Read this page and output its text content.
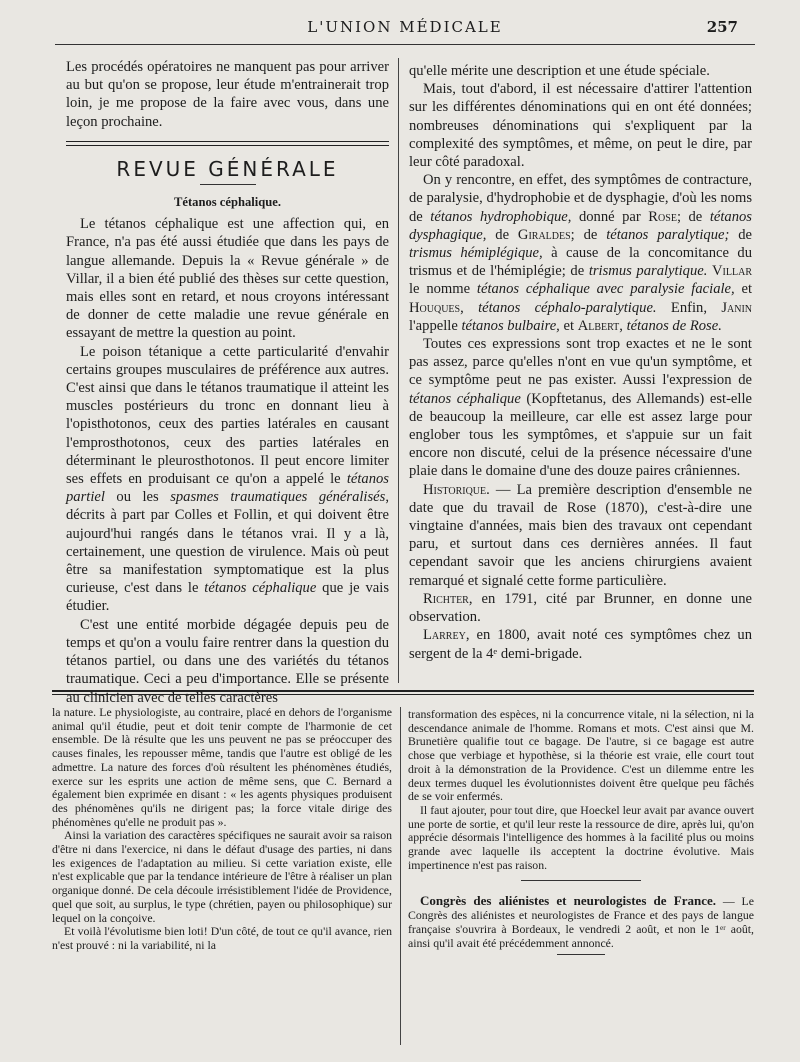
L'UNION MÉDICALE	257

Les procédés opératoires ne manquent pas pour arriver au but qu'on se propose, leur étude m'entrainerait trop loin, je me propose de la faire avec vous, dans une leçon prochaine.

REVUE GÉNÉRALE
Tétanos céphalique.

Le tétanos céphalique est une affection qui, en France, n'a pas été aussi étudiée que dans les pays de langue allemande. Depuis la « Revue générale » de Villar, il a bien été publié des thèses sur cette question, mais elles sont en retard, et nous croyons intéressant de donner de cette maladie une revue générale en essayant de mettre la question au point.

Le poison tétanique a cette particularité d'envahir certains groupes musculaires de préférence aux autres. C'est ainsi que dans le tétanos traumatique il atteint les muscles postérieurs du tronc en donnant lieu à l'opisthotonos, ceux des parties latérales en causant l'emprosthotonos, ceux des parties latérales en déterminant le pleurosthotonos. Il peut encore limiter ses effets en produisant ce qu'on a appelé le tétanos partiel ou les spasmes traumatiques généralisés, décrits à part par Colles et Follin, et qui doivent être aujourd'hui rangés dans le tétanos vrai. Il y a là, certainement, une question de virulence. Mais où peut être sa manifestation symptomatique est la plus curieuse, c'est dans le tétanos céphalique que je vais étudier.

C'est une entité morbide dégagée depuis peu de temps et qu'on a voulu faire rentrer dans la question du tétanos partiel, ou dans une des variétés du tétanos traumatique. Ceci a peu d'importance. Elle se présente au clinicien avec de telles caractères

qu'elle mérite une description et une étude spéciale.

Mais, tout d'abord, il est nécessaire d'attirer l'attention sur les différentes dénominations qui en ont été données; nombreuses dénominations qui s'expliquent par la complexité des symptômes, et même, on peut le dire, par leur côté paradoxal.

On y rencontre, en effet, des symptômes de contracture, de paralysie, d'hydrophobie et de dysphagie, d'où les noms de tétanos hydrophobique, donné par Rose; de tétanos dysphagique, de Giraldes; de tétanos paralytique; de trismus hémiplégique, à cause de la concomitance du trismus et de l'hémiplégie; de trismus paralytique. Villar le nomme tétanos céphalique avec paralysie faciale, et Houques, tétanos céphalo-paralytique. Enfin, Janin l'appelle tétanos bulbaire, et Albert, tétanos de Rose.

Toutes ces expressions sont trop exactes et ne le sont pas assez, parce qu'elles n'ont en vue qu'un symptôme, et ce symptôme peut ne pas exister. Aussi l'expression de tétanos céphalique (Kopftetanus, des Allemands) est-elle de beaucoup la meilleure, car elle est assez large pour englober tous les symptômes, et s'appuie sur un fait encore non discuté, celui de la présence nécessaire d'une plaie dans le domaine d'une des douze paires crâniennes.

Historique. — La première description d'ensemble ne date que du travail de Rose (1870), c'est-à-dire une vingtaine d'années, mais bien des travaux ont cependant paru, et surtout dans ces dernières années. Il faut cependant savoir que les anciens chirurgiens avaient remarqué et signalé cette forme particulière.

Richter, en 1791, cité par Brunner, en donne une observation.

Larrey, en 1800, avait noté ces symptômes chez un sergent de la 4ᵉ demi-brigade.

la nature. Le physiologiste, au contraire, placé en dehors de l'organisme animal qu'il étudie, peut et doit tenir compte de l'harmonie de cet ensemble. De là résulte que les uns peuvent ne pas se préoccuper des causes finales, les repousser même, tandis que l'autre est obligé de les admettre. La nature des forces d'où résultent les phénomènes étudiés, exerce sur les esprits une action de même sens, que C. Bernard a également bien exprimée en disant : « les agents physiques produisent des phénomènes qu'ils ne dirigent pas; la force vitale dirige des phénomènes qu'elle ne produit pas ».

Ainsi la variation des caractères spécifiques ne saurait avoir sa raison d'être ni dans l'exercice, ni dans le défaut d'usage des parties, ni dans les exigences de l'adaptation au milieu. Si cette variation existe, elle n'est explicable que par la tendance intérieure de l'être à réaliser un plan organique donné. De cela découle irrésistiblement l'idée de Providence, quel que soit, au surplus, le type (chrétien, payen ou philosophique) sur lequel on la conçoive.

Et voilà l'évolutisme bien loti! D'un côté, de tout ce qu'il avance, rien n'est prouvé : ni la variabilité, ni la

transformation des espèces, ni la concurrence vitale, ni la sélection, ni la descendance animale de l'homme. Romans et mots. C'est ainsi que M. Brunetière qualifie tout ce bagage. De l'autre, si ce bagage est autre chose que verbiage et hypothèse, si la théorie est vraie, elle court tout droit à la démonstration de la Providence. C'est un dilemme entre les deux termes duquel les évolutionnistes doivent être quelque peu fâchés de se voir enfermés.

Il faut ajouter, pour tout dire, que Hoeckel leur avait par avance ouvert une porte de sortie, et qu'il leur reste la ressource de dire, après lui, qu'on apprécie désormais l'intelligence des hommes à la facilité plus ou moins grande avec laquelle ils acceptent la doctrine évolutive. Mais impertinence n'est pas raison.

Congrès des aliénistes et neurologistes de France. — Le Congrès des aliénistes et neurologistes de France et des pays de langue française s'ouvrira à Bordeaux, le vendredi 2 août, et non le 1ᵉʳ août, ainsi qu'il avait été précédemment annoncé.
